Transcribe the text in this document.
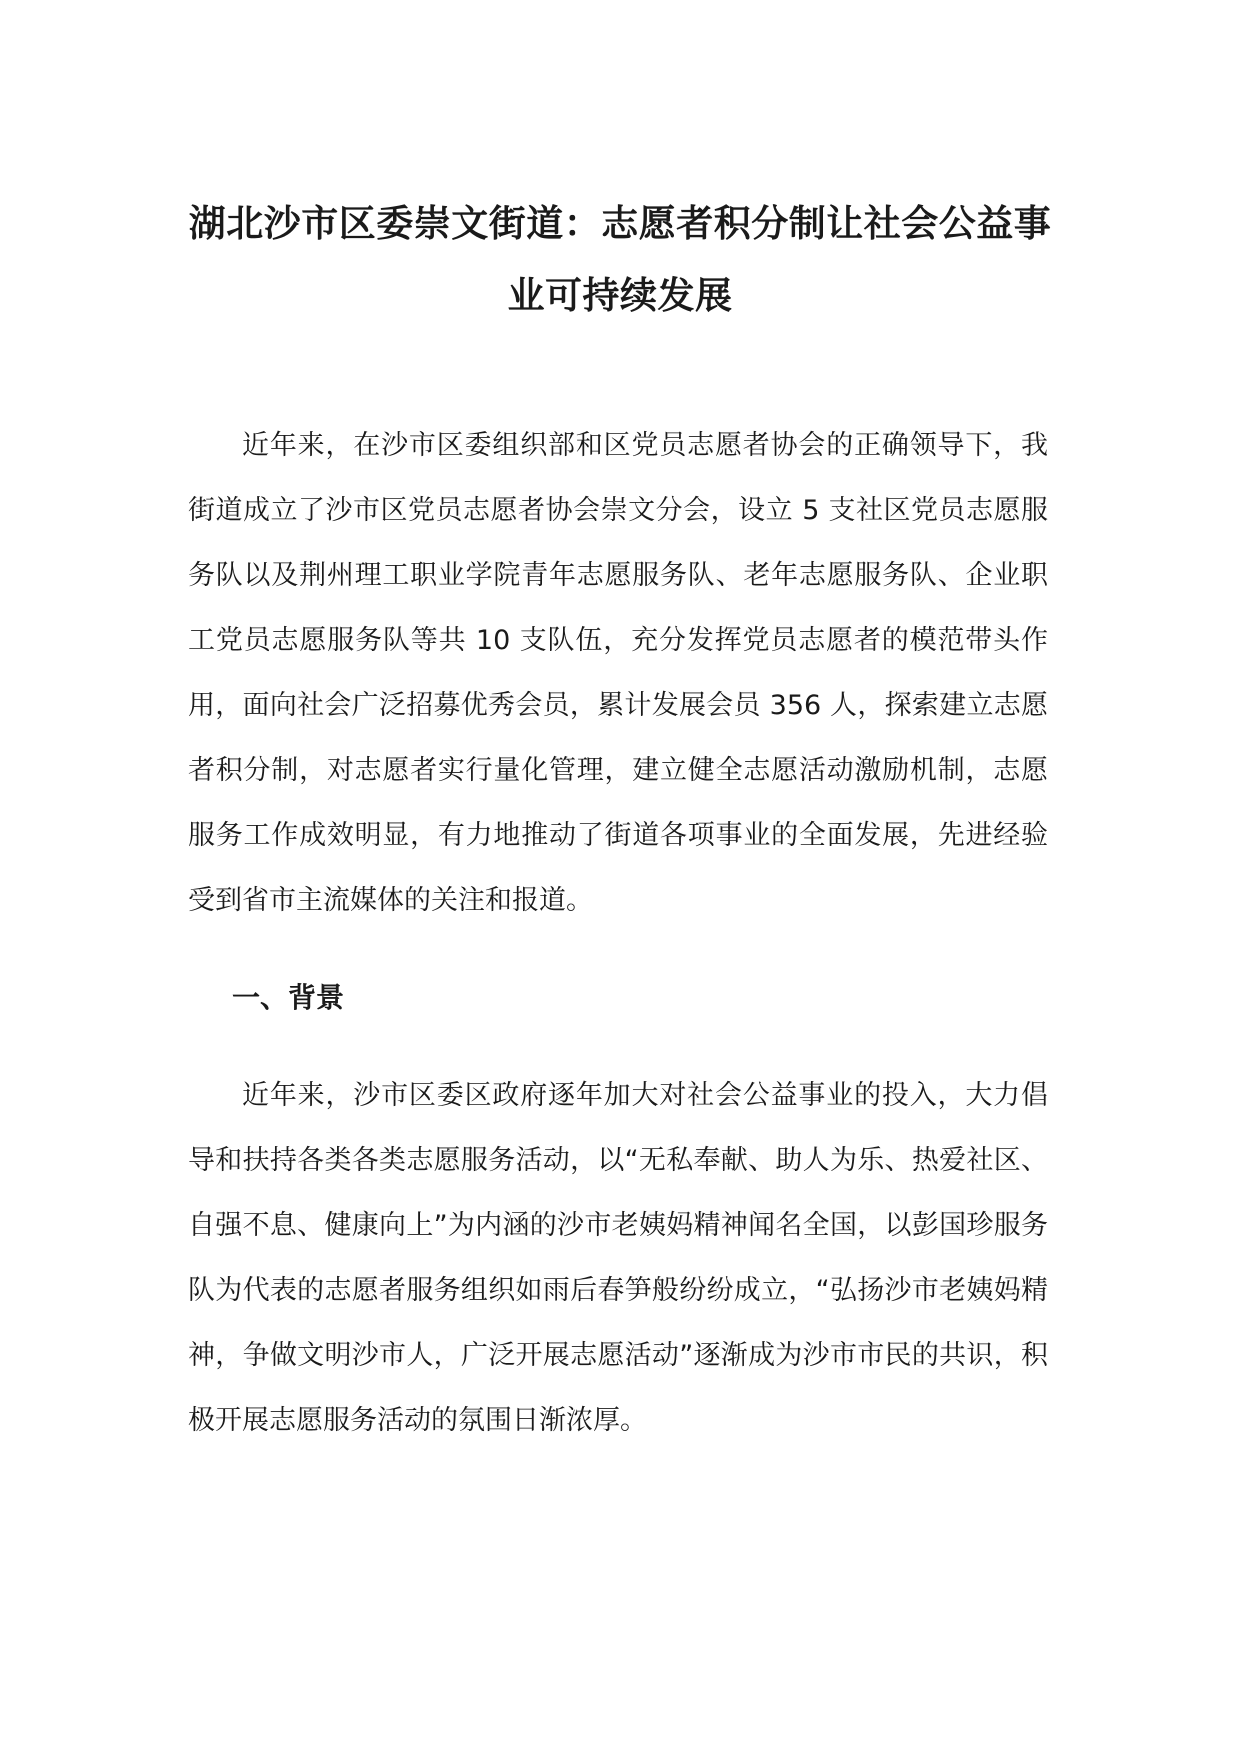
湖北沙市区委崇文街道：志愿者积分制让社会公益事业可持续发展

近年来，在沙市区委组织部和区党员志愿者协会的正确领导下，我街道成立了沙市区党员志愿者协会崇文分会，设立 5 支社区党员志愿服务队以及荆州理工职业学院青年志愿服务队、老年志愿服务队、企业职工党员志愿服务队等共 10 支队伍，充分发挥党员志愿者的模范带头作用，面向社会广泛招募优秀会员，累计发展会员 356 人，探索建立志愿者积分制，对志愿者实行量化管理，建立健全志愿活动激励机制，志愿服务工作成效明显，有力地推动了街道各项事业的全面发展，先进经验受到省市主流媒体的关注和报道。

一、背景

近年来，沙市区委区政府逐年加大对社会公益事业的投入，大力倡导和扶持各类各类志愿服务活动，以“无私奉献、助人为乐、热爱社区、自强不息、健康向上”为内涵的沙市老姨妈精神闻名全国，以彭国珍服务队为代表的志愿者服务组织如雨后春笋般纷纷成立，“弘扬沙市老姨妈精神，争做文明沙市人，广泛开展志愿活动”逐渐成为沙市市民的共识，积极开展志愿服务活动的氛围日渐浓厚。
